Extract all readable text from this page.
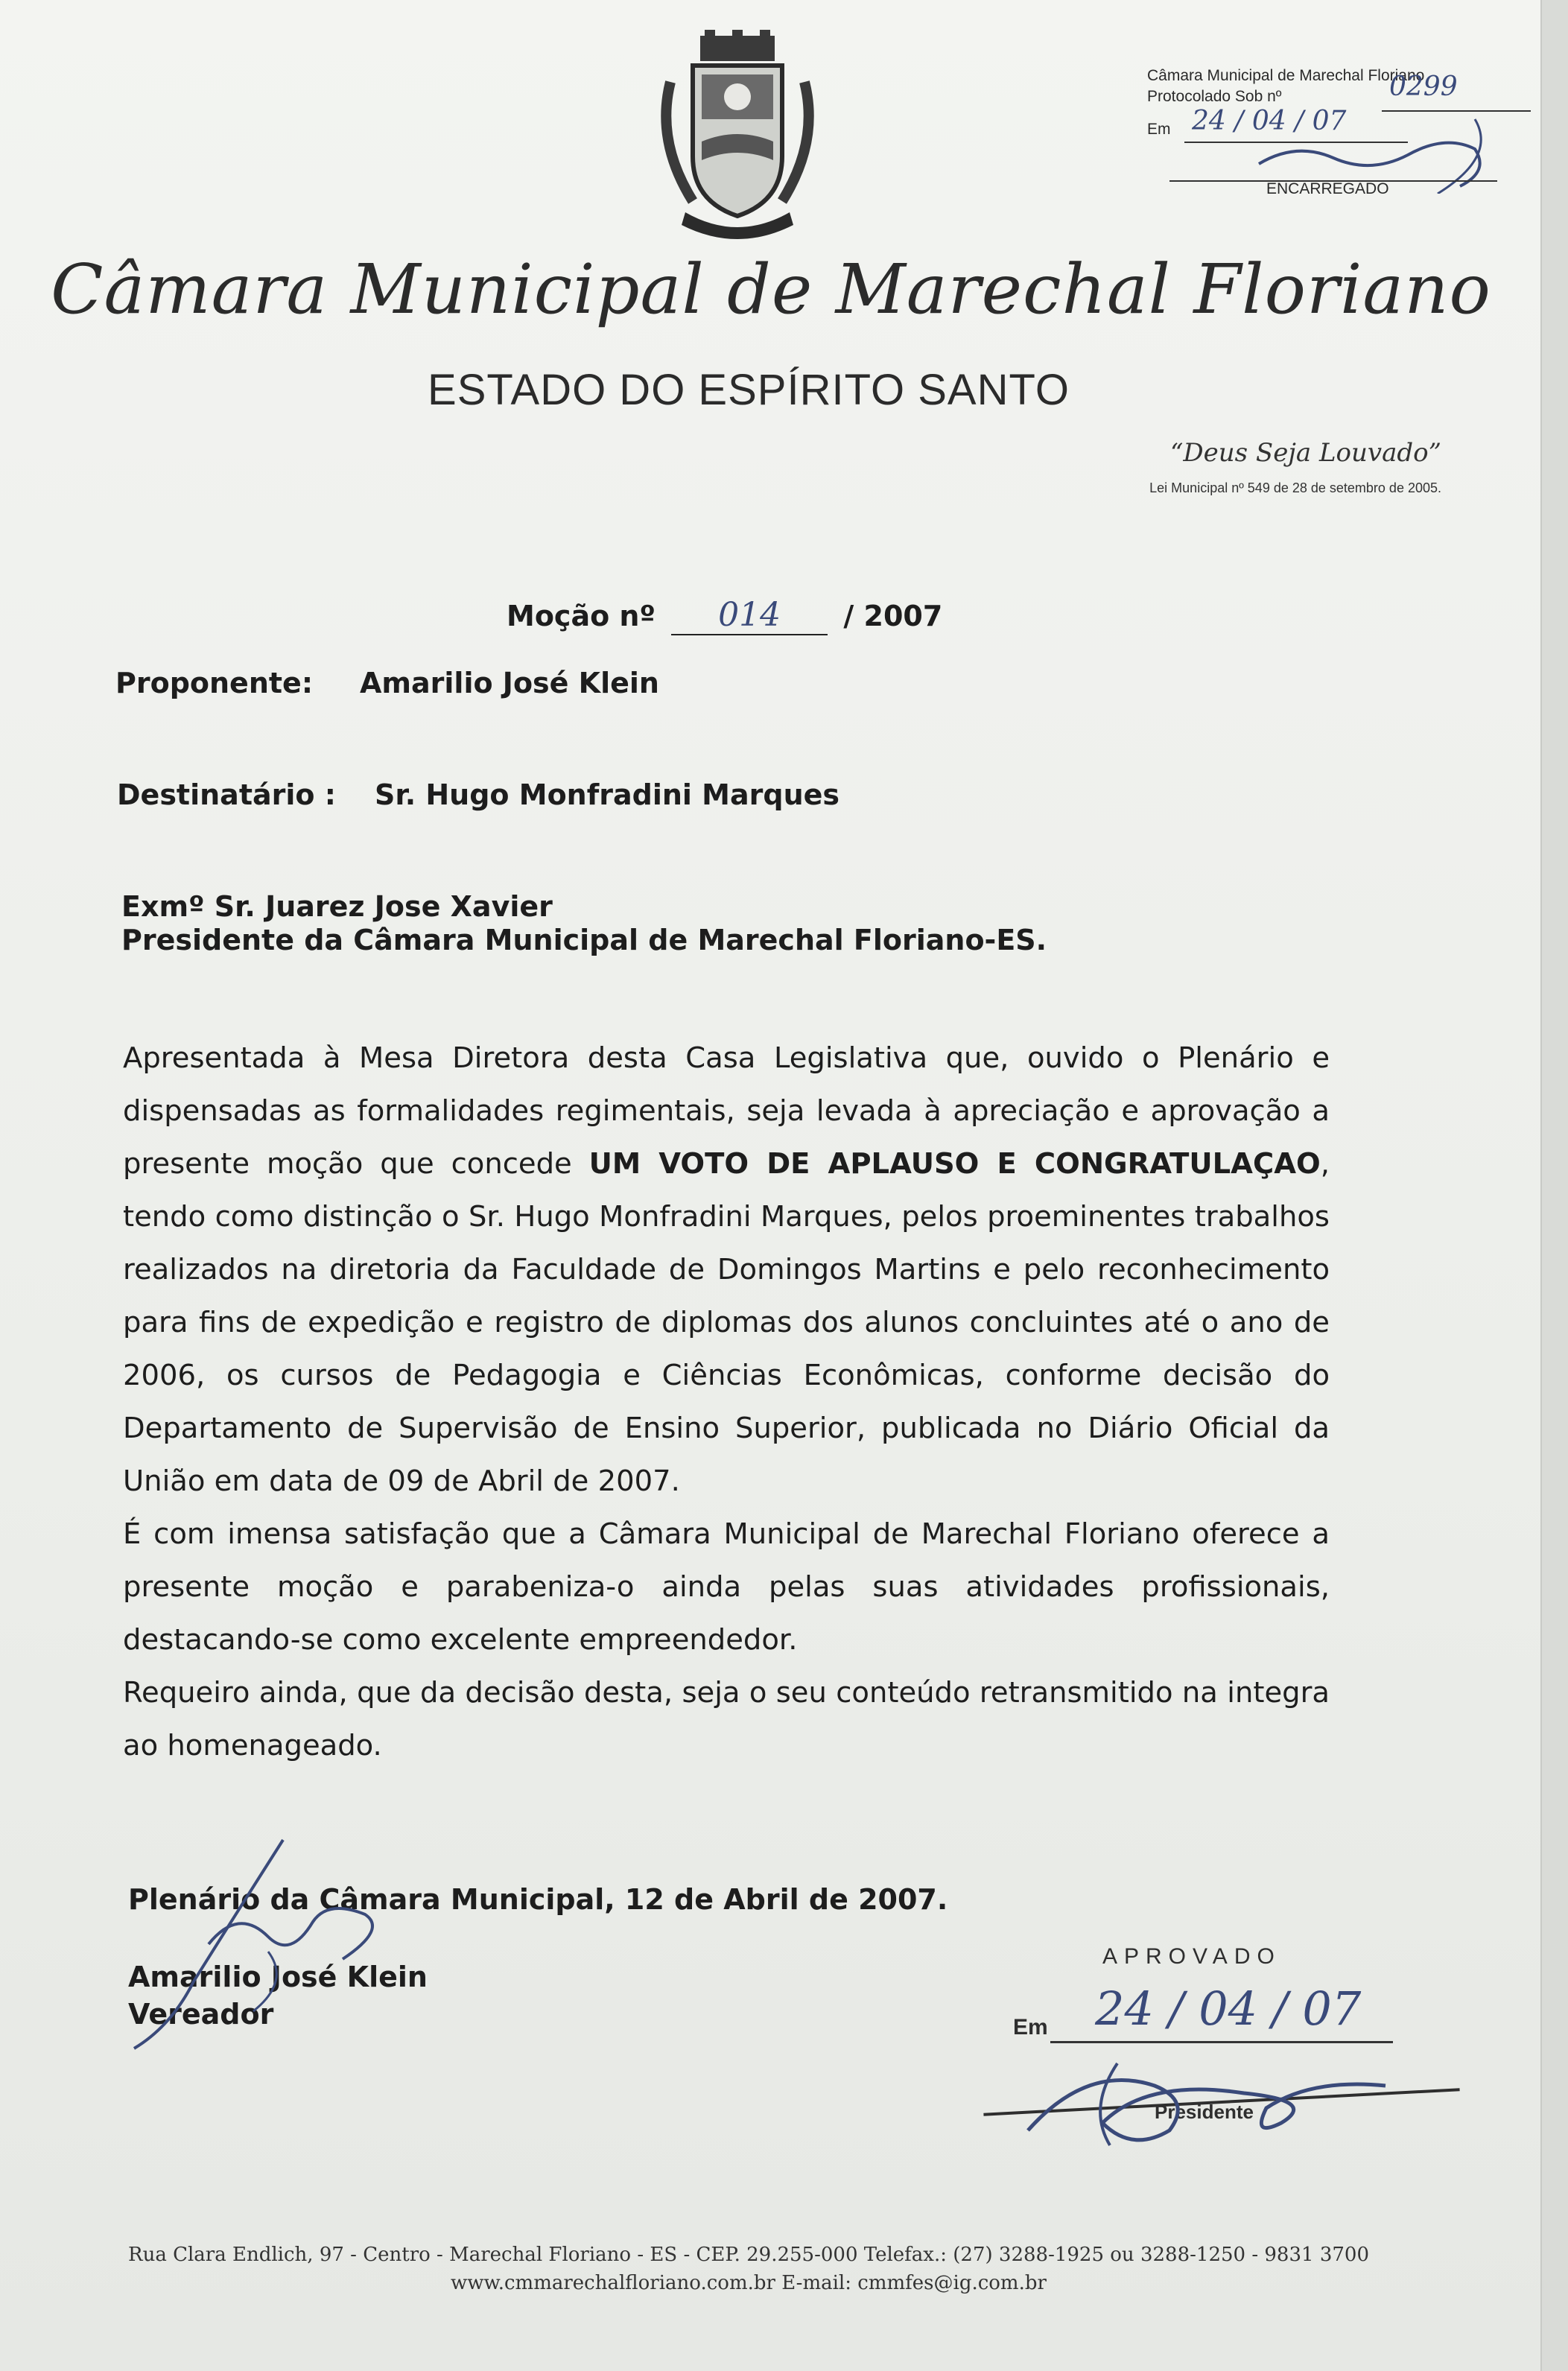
Câmara Municipal de Marechal Floriano
Protocolado Sob nº	0299
Em 24 / 04 / 07
ENCARREGADO
Câmara Municipal de Marechal Floriano
ESTADO DO ESPÍRITO SANTO
“Deus Seja Louvado”
Lei Municipal nº 549 de 28 de setembro de 2005.
Moção nº 014 / 2007
Proponente: Amarilio José Klein
Destinatário : Sr. Hugo Monfradini Marques
Exmº Sr. Juarez Jose Xavier
Presidente da Câmara Municipal de Marechal Floriano-ES.

Apresentada à Mesa Diretora desta Casa Legislativa que, ouvido o Plenário e dispensadas as formalidades regimentais, seja levada à apreciação e aprovação a presente moção que concede UM VOTO DE APLAUSO E CONGRATULAÇAO, tendo como distinção o Sr. Hugo Monfradini Marques, pelos proeminentes trabalhos realizados na diretoria da Faculdade de Domingos Martins e pelo reconhecimento para fins de expedição e registro de diplomas dos alunos concluintes até o ano de 2006, os cursos de Pedagogia e Ciências Econômicas, conforme decisão do Departamento de Supervisão de Ensino Superior, publicada no Diário Oficial da União em data de 09 de Abril de 2007.

É com imensa satisfação que a Câmara Municipal de Marechal Floriano oferece a presente moção e parabeniza-o ainda pelas suas atividades profissionais, destacando-se como excelente empreendedor.

Requeiro ainda, que da decisão desta, seja o seu conteúdo retransmitido na integra ao homenageado.

Plenário da Câmara Municipal, 12 de Abril de 2007.
Amarilio José Klein
Vereador
APROVADO
Em 24 / 04 / 07
Presidente
Rua Clara Endlich, 97 - Centro - Marechal Floriano - ES - CEP. 29.255-000 Telefax.: (27) 3288-1925 ou 3288-1250 - 9831 3700
www.cmmarechalfloriano.com.br E-mail: cmmfes@ig.com.br
